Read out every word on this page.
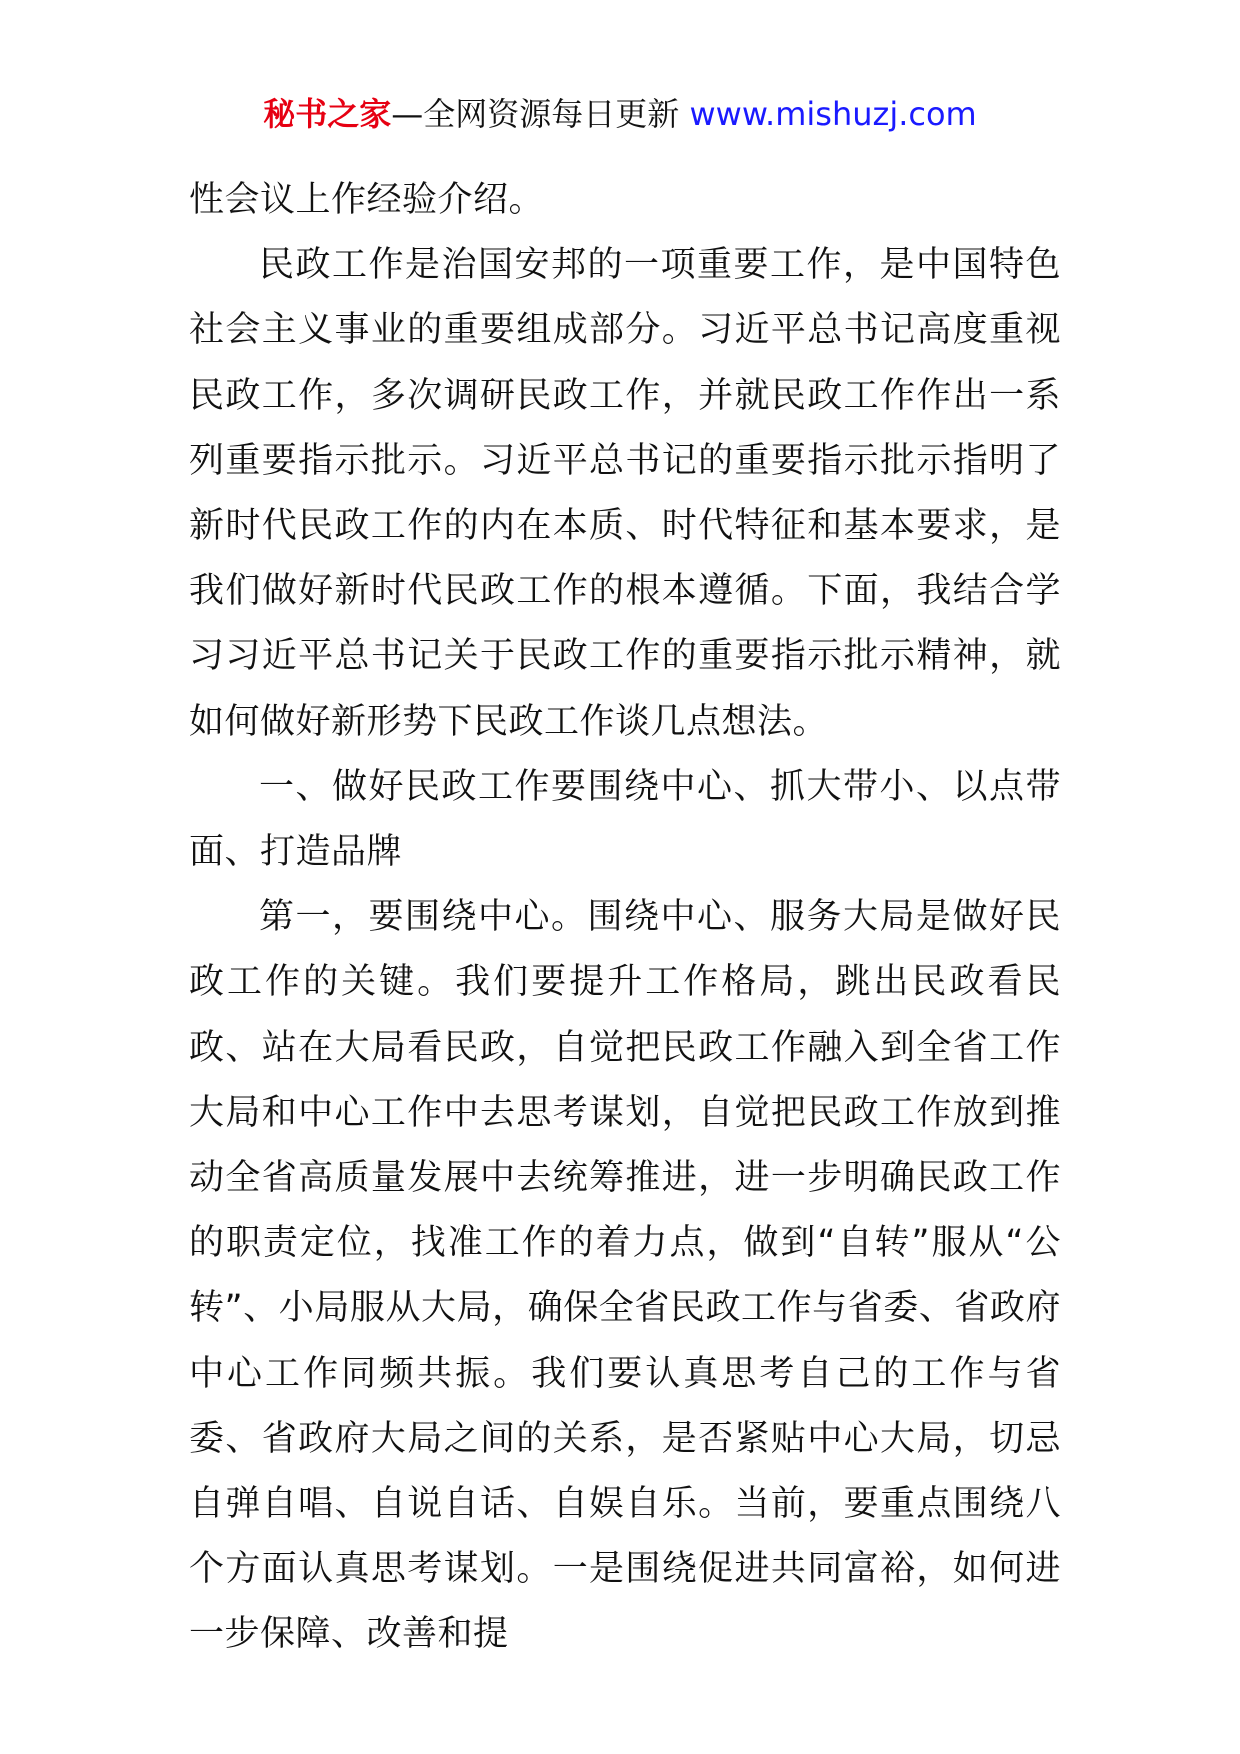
秘书之家—全网资源每日更新 www.mishuzj.com

性会议上作经验介绍。

民政工作是治国安邦的一项重要工作，是中国特色社会主义事业的重要组成部分。习近平总书记高度重视民政工作，多次调研民政工作，并就民政工作作出一系列重要指示批示。习近平总书记的重要指示批示指明了新时代民政工作的内在本质、时代特征和基本要求，是我们做好新时代民政工作的根本遵循。下面，我结合学习习近平总书记关于民政工作的重要指示批示精神，就如何做好新形势下民政工作谈几点想法。

一、做好民政工作要围绕中心、抓大带小、以点带面、打造品牌

第一，要围绕中心。围绕中心、服务大局是做好民政工作的关键。我们要提升工作格局，跳出民政看民政、站在大局看民政，自觉把民政工作融入到全省工作大局和中心工作中去思考谋划，自觉把民政工作放到推动全省高质量发展中去统筹推进，进一步明确民政工作的职责定位，找准工作的着力点，做到“自转”服从“公转”、小局服从大局，确保全省民政工作与省委、省政府中心工作同频共振。我们要认真思考自己的工作与省委、省政府大局之间的关系，是否紧贴中心大局，切忌自弹自唱、自说自话、自娱自乐。当前，要重点围绕八个方面认真思考谋划。一是围绕促进共同富裕，如何进一步保障、改善和提
